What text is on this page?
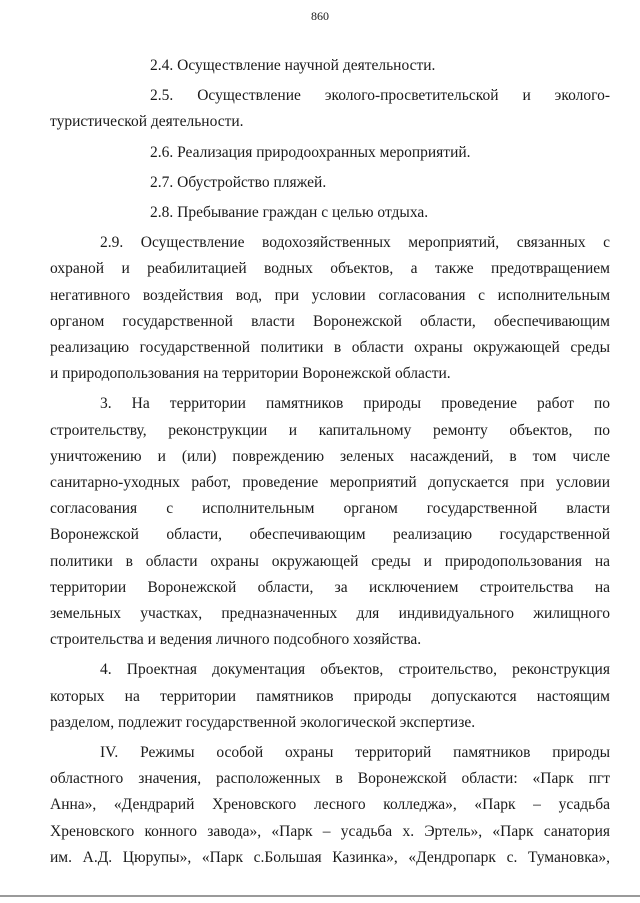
860
2.4. Осуществление научной деятельности.
2.5. Осуществление эколого-просветительской и эколого-
туристической деятельности.
2.6. Реализация природоохранных мероприятий.
2.7. Обустройство пляжей.
2.8. Пребывание граждан с целью отдыха.
2.9. Осуществление водохозяйственных мероприятий, связанных с
охраной и реабилитацией водных объектов, а также предотвращением
негативного воздействия вод, при условии согласования с исполнительным
органом государственной власти Воронежской области, обеспечивающим
реализацию государственной политики в области охраны окружающей среды
и природопользования на территории Воронежской области.
3. На территории памятников природы проведение работ по
строительству, реконструкции и капитальному ремонту объектов, по
уничтожению и (или) повреждению зеленых насаждений, в том числе
санитарно-уходных работ, проведение мероприятий допускается при условии
согласования с исполнительным органом государственной власти
Воронежской области, обеспечивающим реализацию государственной
политики в области охраны окружающей среды и природопользования на
территории Воронежской области, за исключением строительства на
земельных участках, предназначенных для индивидуального жилищного
строительства и ведения личного подсобного хозяйства.
4. Проектная документация объектов, строительство, реконструкция
которых на территории памятников природы допускаются настоящим
разделом, подлежит государственной экологической экспертизе.
IV. Режимы особой охраны территорий памятников природы
областного значения, расположенных в Воронежской области: «Парк пгт
Анна», «Дендрарий Хреновского лесного колледжа», «Парк – усадьба
Хреновского конного завода», «Парк – усадьба х. Эртель», «Парк санатория
им. А.Д. Цюрупы», «Парк с.Большая Казинка», «Дендропарк с. Тумановка»,
